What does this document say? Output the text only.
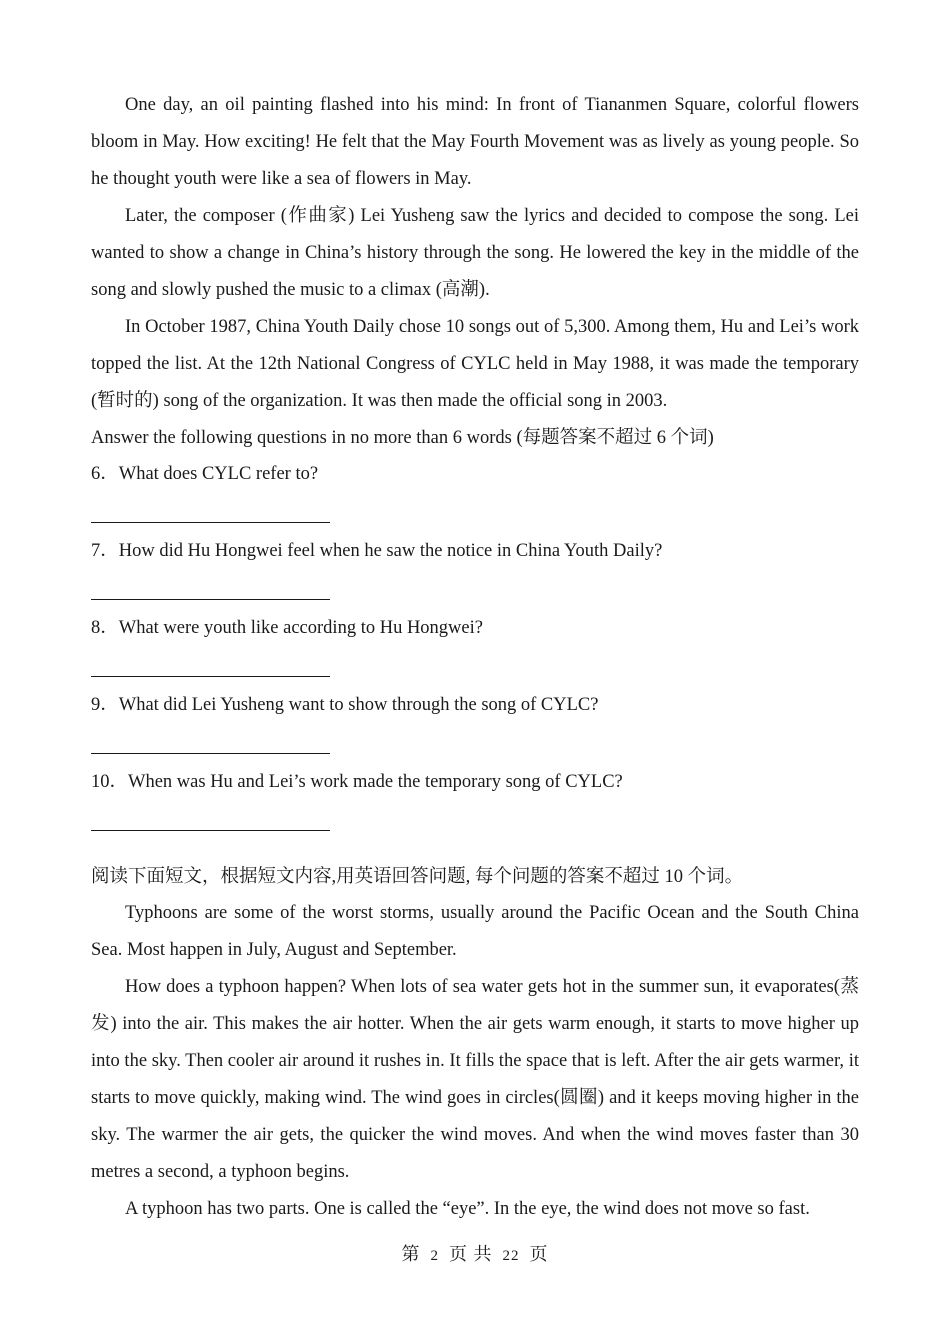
One day, an oil painting flashed into his mind: In front of Tiananmen Square, colorful flowers bloom in May. How exciting! He felt that the May Fourth Movement was as lively as young people. So he thought youth were like a sea of flowers in May.

Later, the composer (作曲家) Lei Yusheng saw the lyrics and decided to compose the song. Lei wanted to show a change in China’s history through the song. He lowered the key in the middle of the song and slowly pushed the music to a climax (高潮).

In October 1987, China Youth Daily chose 10 songs out of 5,300. Among them, Hu and Lei’s work topped the list. At the 12th National Congress of CYLC held in May 1988, it was made the temporary (暂时的) song of the organization. It was then made the official song in 2003.

Answer the following questions in no more than 6 words (每题答案不超过 6 个词)

6．What does CYLC refer to?

7．How did Hu Hongwei feel when he saw the notice in China Youth Daily?

8．What were youth like according to Hu Hongwei?

9．What did Lei Yusheng want to show through the song of CYLC?

10．When was Hu and Lei’s work made the temporary song of CYLC?

阅读下面短文，根据短文内容,用英语回答问题, 每个问题的答案不超过 10 个词。

Typhoons are some of the worst storms, usually around the Pacific Ocean and the South China Sea. Most happen in July, August and September.

How does a typhoon happen? When lots of sea water gets hot in the summer sun, it evaporates(蒸发) into the air. This makes the air hotter. When the air gets warm enough, it starts to move higher up into the sky. Then cooler air around it rushes in. It fills the space that is left. After the air gets warmer, it starts to move quickly, making wind. The wind goes in circles(圆圈) and it keeps moving higher in the sky. The warmer the air gets, the quicker the wind moves. And when the wind moves faster than 30 metres a second, a typhoon begins.

A typhoon has two parts. One is called the “eye”. In the eye, the wind does not move so fast.

第 2 页 共 22 页
